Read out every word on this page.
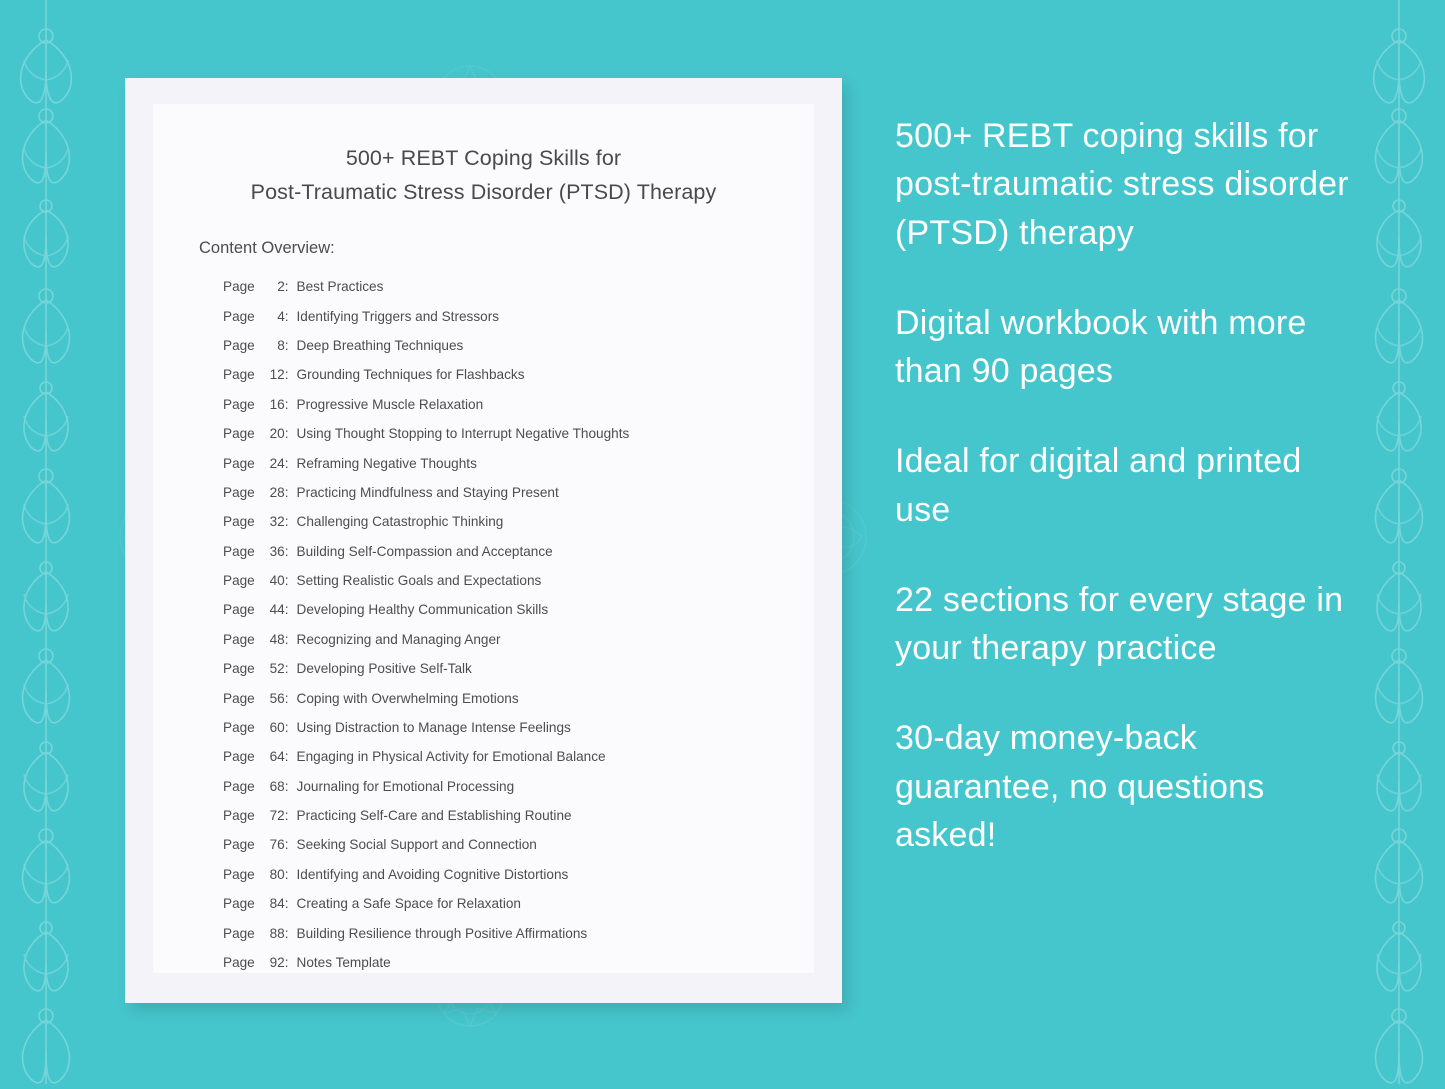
500+ REBT Coping Skills for
Post-Traumatic Stress Disorder (PTSD) Therapy
Content Overview:
Page	2 : Best Practices
Page	4 : Identifying Triggers and Stressors
Page	8 : Deep Breathing Techniques
Page	12 : Grounding Techniques for Flashbacks
Page	16 : Progressive Muscle Relaxation
Page	20 : Using Thought Stopping to Interrupt Negative Thoughts
Page	24 : Reframing Negative Thoughts
Page	28 : Practicing Mindfulness and Staying Present
Page	32 : Challenging Catastrophic Thinking
Page	36 : Building Self-Compassion and Acceptance
Page	40 : Setting Realistic Goals and Expectations
Page	44 : Developing Healthy Communication Skills
Page	48 : Recognizing and Managing Anger
Page	52 : Developing Positive Self-Talk
Page	56 : Coping with Overwhelming Emotions
Page	60 : Using Distraction to Manage Intense Feelings
Page	64 : Engaging in Physical Activity for Emotional Balance
Page	68 : Journaling for Emotional Processing
Page	72 : Practicing Self-Care and Establishing Routine
Page	76 : Seeking Social Support and Connection
Page	80 : Identifying and Avoiding Cognitive Distortions
Page	84 : Creating a Safe Space for Relaxation
Page	88 : Building Resilience through Positive Affirmations
Page	92 : Notes Template
500+ REBT coping skills for post-traumatic stress disorder (PTSD) therapy
Digital workbook with more than 90 pages
Ideal for digital and printed use
22 sections for every stage in your therapy practice
30-day money-back guarantee, no questions asked!
